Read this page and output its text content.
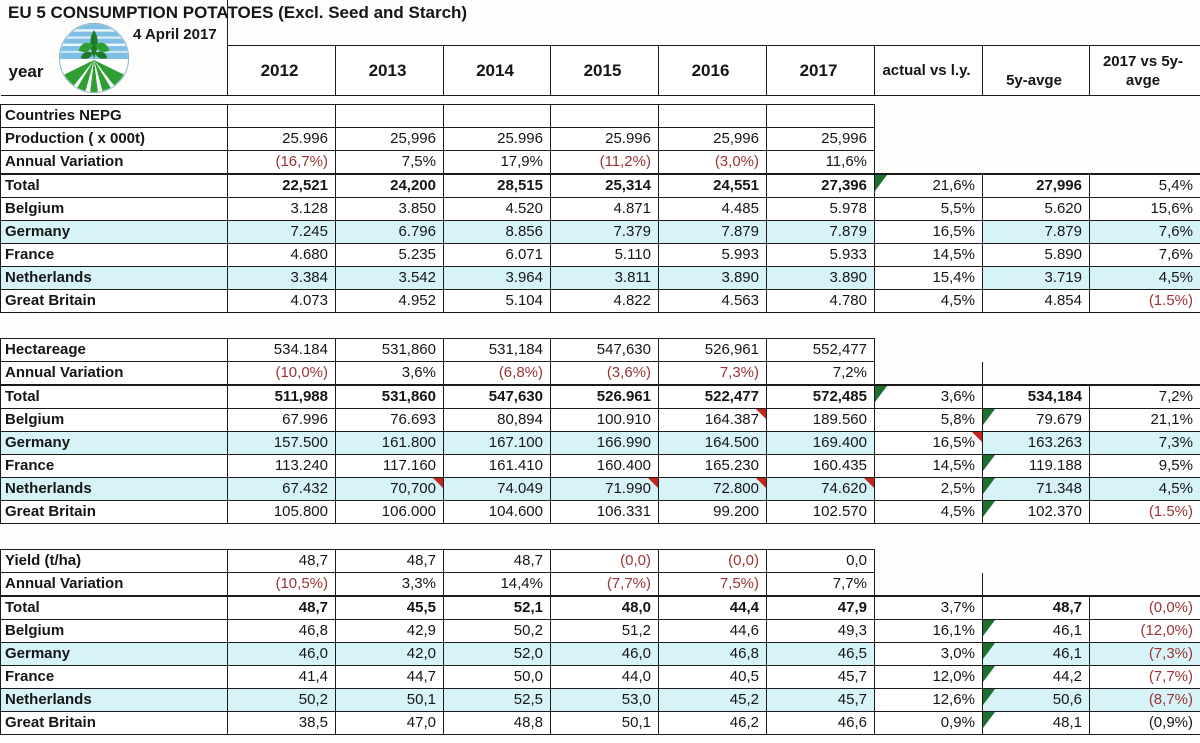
EU 5 CONSUMPTION POTATOES (Excl. Seed and Starch)
4 April 2017
year	2012	2013	2014	2015	2016	2017	actual vs l.y.	5y-avge	2017 vs 5y-avge

Countries NEPG									
Production ( x 000t)	25.996	25,996	25.996	25.996	25,996	25,996			
Annual Variation	(16,7%)	7,5%	17,9%	(11,2%)	(3,0%)	11,6%			
Total	22,521	24,200	28,515	25,314	24,551	27,396	21,6%	27,996	5,4%
Belgium	3.128	3.850	4.520	4.871	4.485	5.978	5,5%	5.620	15,6%
Germany	7.245	6.796	8.856	7.379	7.879	7.879	16,5%	7.879	7,6%
France	4.680	5.235	6.071	5.110	5.993	5.933	14,5%	5.890	7,6%
Netherlands	3.384	3.542	3.964	3.811	3.890	3.890	15,4%	3.719	4,5%
Great Britain	4.073	4.952	5.104	4.822	4.563	4.780	4,5%	4.854	(1.5%)

Hectareage	534.184	531,860	531,184	547,630	526,961	552,477			
Annual Variation	(10,0%)	3,6%	(6,8%)	(3,6%)	7,3%)	7,2%			
Total	511,988	531,860	547,630	526.961	522,477	572,485	3,6%	534,184	7,2%
Belgium	67.996	76.693	80,894	100.910	164.387	189.560	5,8%	79.679	21,1%
Germany	157.500	161.800	167.100	166.990	164.500	169.400	16,5%	163.263	7,3%
France	113.240	117.160	161.410	160.400	165.230	160.435	14,5%	119.188	9,5%
Netherlands	67.432	70,700	74.049	71.990	72.800	74.620	2,5%	71.348	4,5%
Great Britain	105.800	106.000	104.600	106.331	99.200	102.570	4,5%	102.370	(1.5%)

Yield (t/ha)	48,7	48,7	48,7	(0,0)	(0,0)	0,0			
Annual Variation	(10,5%)	3,3%	14,4%	(7,7%)	7,5%)	7,7%			
Total	48,7	45,5	52,1	48,0	44,4	47,9	3,7%	48,7	(0,0%)
Belgium	46,8	42,9	50,2	51,2	44,6	49,3	16,1%	46,1	(12,0%)
Germany	46,0	42,0	52,0	46,0	46,8	46,5	3,0%	46,1	(7,3%)
France	41,4	44,7	50,0	44,0	40,5	45,7	12,0%	44,2	(7,7%)
Netherlands	50,2	50,1	52,5	53,0	45,2	45,7	12,6%	50,6	(8,7%)
Great Britain	38,5	47,0	48,8	50,1	46,2	46,6	0,9%	48,1	(0,9%)
